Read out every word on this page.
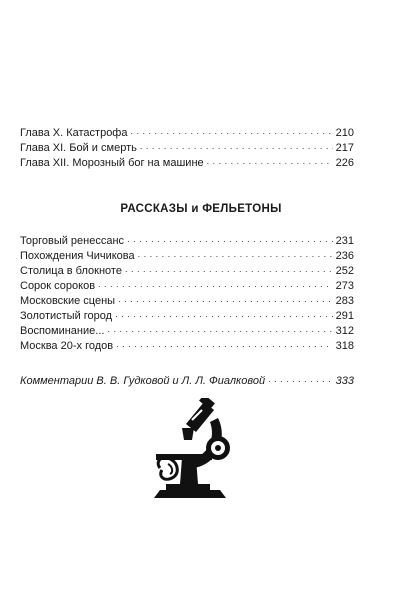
Глава X. Катастрофа . . .	210
Глава XI. Бой и смерть . . .	217
Глава XII. Морозный бог на машине . . .	226
РАССКАЗЫ и ФЕЛЬЕТОНЫ
Торговый ренессанс . . .	231
Похождения Чичикова . . .	236
Столица в блокноте . . .	252
Сорок сороков . . .	273
Московские сцены . . .	283
Золотистый город . . .	291
Воспоминание... . . .	312
Москва 20-х годов . . .	318
Комментарии В. В. Гудковой и Л. Л. Фиалковой . . .	333
